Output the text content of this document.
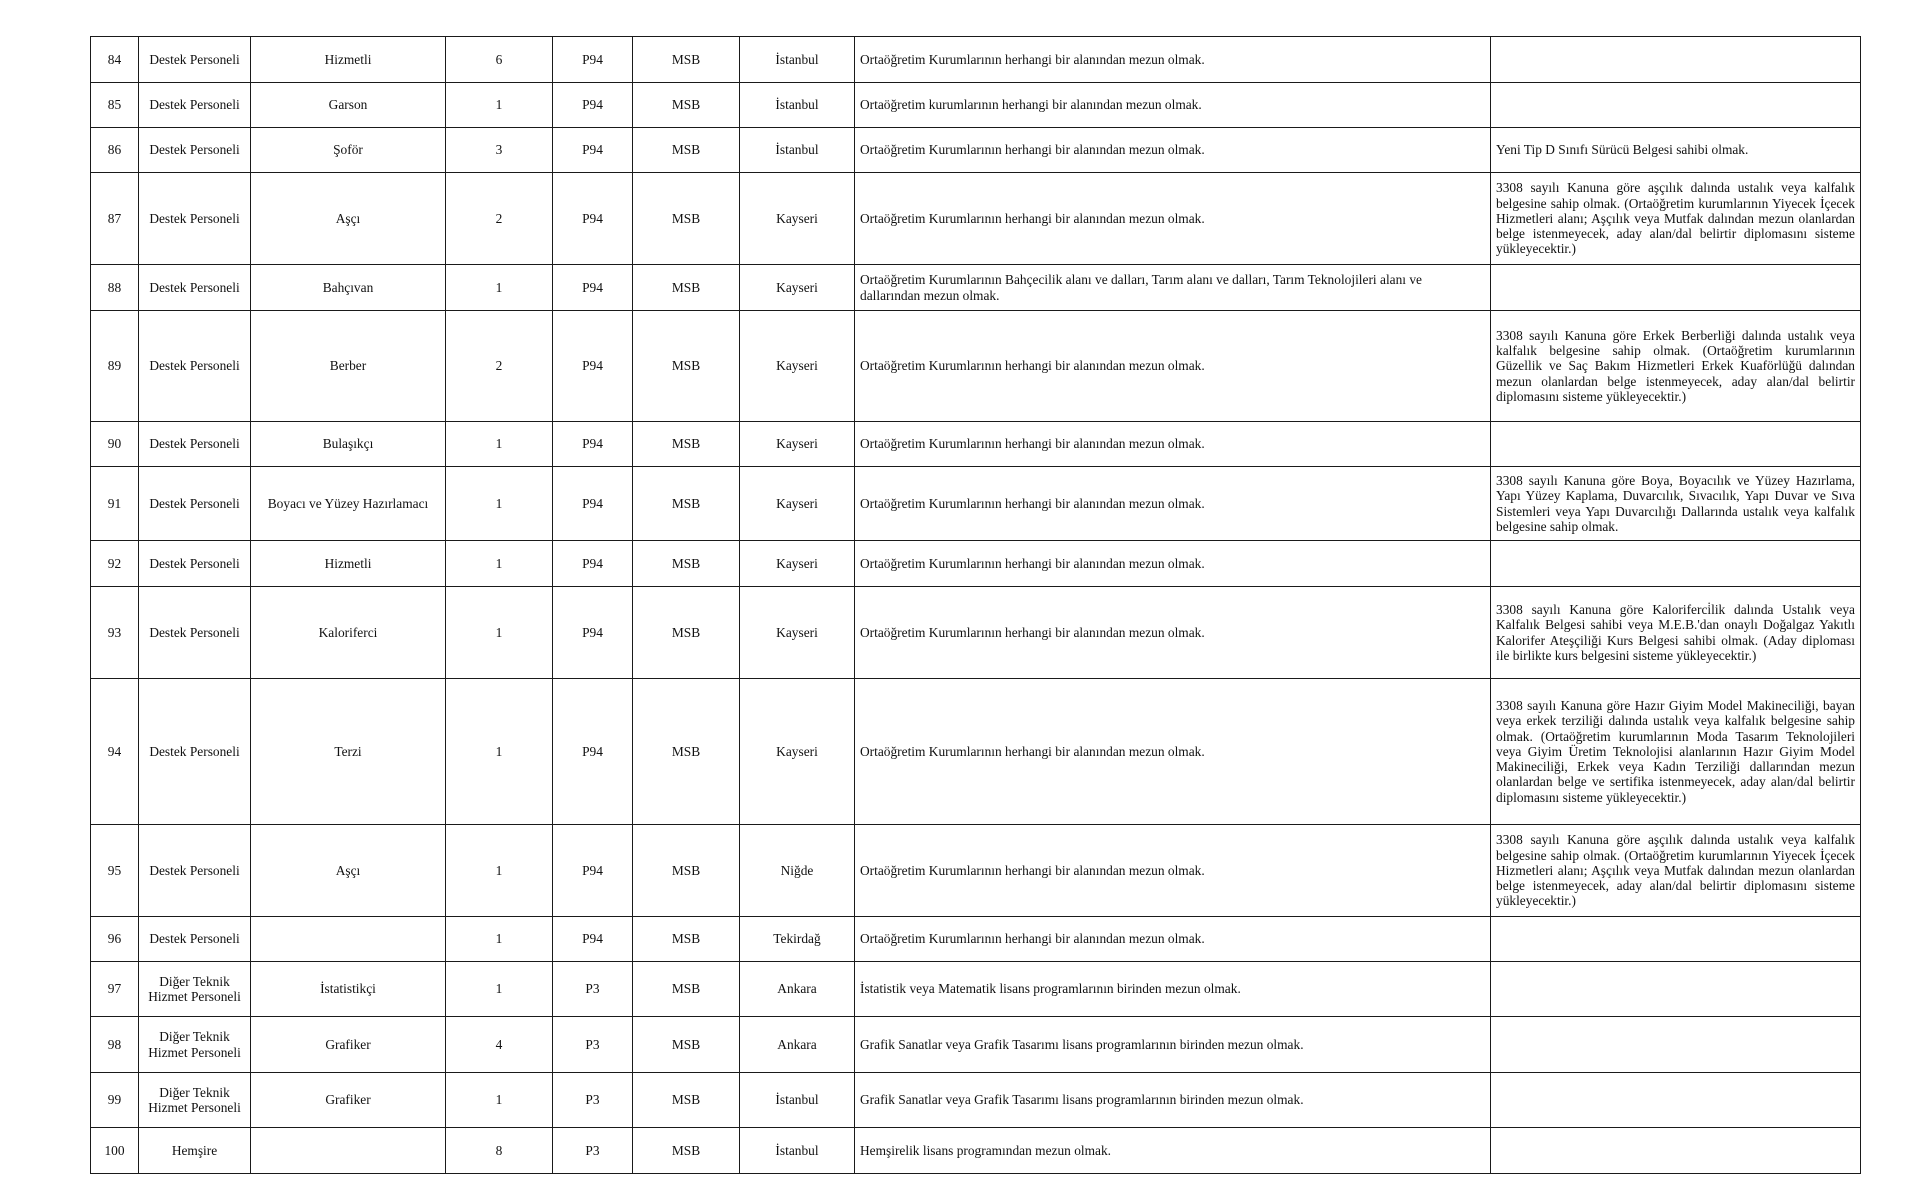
84	Destek Personeli	Hizmetli	6	P94	MSB	İstanbul	Ortaöğretim Kurumlarının herhangi bir alanından mezun olmak.	
85	Destek Personeli	Garson	1	P94	MSB	İstanbul	Ortaöğretim kurumlarının herhangi bir alanından mezun olmak.	
86	Destek Personeli	Şoför	3	P94	MSB	İstanbul	Ortaöğretim Kurumlarının herhangi bir alanından mezun olmak.	Yeni Tip D Sınıfı Sürücü Belgesi sahibi olmak.
87	Destek Personeli	Aşçı	2	P94	MSB	Kayseri	Ortaöğretim Kurumlarının herhangi bir alanından mezun olmak.	3308 sayılı Kanuna göre aşçılık dalında ustalık veya kalfalık belgesine sahip olmak. (Ortaöğretim kurumlarının Yiyecek İçecek Hizmetleri alanı; Aşçılık veya Mutfak dalından mezun olanlardan belge istenmeyecek, aday alan/dal belirtir diplomasını sisteme yükleyecektir.)
88	Destek Personeli	Bahçıvan	1	P94	MSB	Kayseri	Ortaöğretim Kurumlarının Bahçecilik alanı ve dalları, Tarım alanı ve dalları, Tarım Teknolojileri alanı ve dallarından mezun olmak.	
89	Destek Personeli	Berber	2	P94	MSB	Kayseri	Ortaöğretim Kurumlarının herhangi bir alanından mezun olmak.	3308 sayılı Kanuna göre Erkek Berberliği dalında ustalık veya kalfalık belgesine sahip olmak. (Ortaöğretim kurumlarının Güzellik ve Saç Bakım Hizmetleri Erkek Kuaförlüğü dalından mezun olanlardan belge istenmeyecek, aday alan/dal belirtir diplomasını sisteme yükleyecektir.)
90	Destek Personeli	Bulaşıkçı	1	P94	MSB	Kayseri	Ortaöğretim Kurumlarının herhangi bir alanından mezun olmak.	
91	Destek Personeli	Boyacı ve Yüzey Hazırlamacı	1	P94	MSB	Kayseri	Ortaöğretim Kurumlarının herhangi bir alanından mezun olmak.	3308 sayılı Kanuna göre Boya, Boyacılık ve Yüzey Hazırlama, Yapı Yüzey Kaplama, Duvarcılık, Sıvacılık, Yapı Duvar ve Sıva Sistemleri veya Yapı Duvarcılığı Dallarında ustalık veya kalfalık belgesine sahip olmak.
92	Destek Personeli	Hizmetli	1	P94	MSB	Kayseri	Ortaöğretim Kurumlarının herhangi bir alanından mezun olmak.	
93	Destek Personeli	Kaloriferci	1	P94	MSB	Kayseri	Ortaöğretim Kurumlarının herhangi bir alanından mezun olmak.	3308 sayılı Kanuna göre Kaloriferci̇lik dalında Ustalık veya Kalfalık Belgesi sahibi veya M.E.B.'dan onaylı Doğalgaz Yakıtlı Kalorifer Ateşçiliği Kurs Belgesi sahibi olmak. (Aday diploması ile birlikte kurs belgesini sisteme yükleyecektir.)
94	Destek Personeli	Terzi	1	P94	MSB	Kayseri	Ortaöğretim Kurumlarının herhangi bir alanından mezun olmak.	3308 sayılı Kanuna göre Hazır Giyim Model Makineciliği, bayan veya erkek terziliği dalında ustalık veya kalfalık belgesine sahip olmak. (Ortaöğretim kurumlarının Moda Tasarım Teknolojileri veya Giyim Üretim Teknolojisi alanlarının Hazır Giyim Model Makineciliği, Erkek veya Kadın Terziliği dallarından mezun olanlardan belge ve sertifika istenmeyecek, aday alan/dal belirtir diplomasını sisteme yükleyecektir.)
95	Destek Personeli	Aşçı	1	P94	MSB	Niğde	Ortaöğretim Kurumlarının herhangi bir alanından mezun olmak.	3308 sayılı Kanuna göre aşçılık dalında ustalık veya kalfalık belgesine sahip olmak. (Ortaöğretim kurumlarının Yiyecek İçecek Hizmetleri alanı; Aşçılık veya Mutfak dalından mezun olanlardan belge istenmeyecek, aday alan/dal belirtir diplomasını sisteme yükleyecektir.)
96	Destek Personeli		1	P94	MSB	Tekirdağ	Ortaöğretim Kurumlarının herhangi bir alanından mezun olmak.	
97	Diğer Teknik Hizmet Personeli	İstatistikçi	1	P3	MSB	Ankara	İstatistik veya Matematik lisans programlarının birinden mezun olmak.	
98	Diğer Teknik Hizmet Personeli	Grafiker	4	P3	MSB	Ankara	Grafik Sanatlar veya Grafik Tasarımı lisans programlarının birinden mezun olmak.	
99	Diğer Teknik Hizmet Personeli	Grafiker	1	P3	MSB	İstanbul	Grafik Sanatlar veya Grafik Tasarımı lisans programlarının birinden mezun olmak.	
100	Hemşire		8	P3	MSB	İstanbul	Hemşirelik lisans programından mezun olmak.	
